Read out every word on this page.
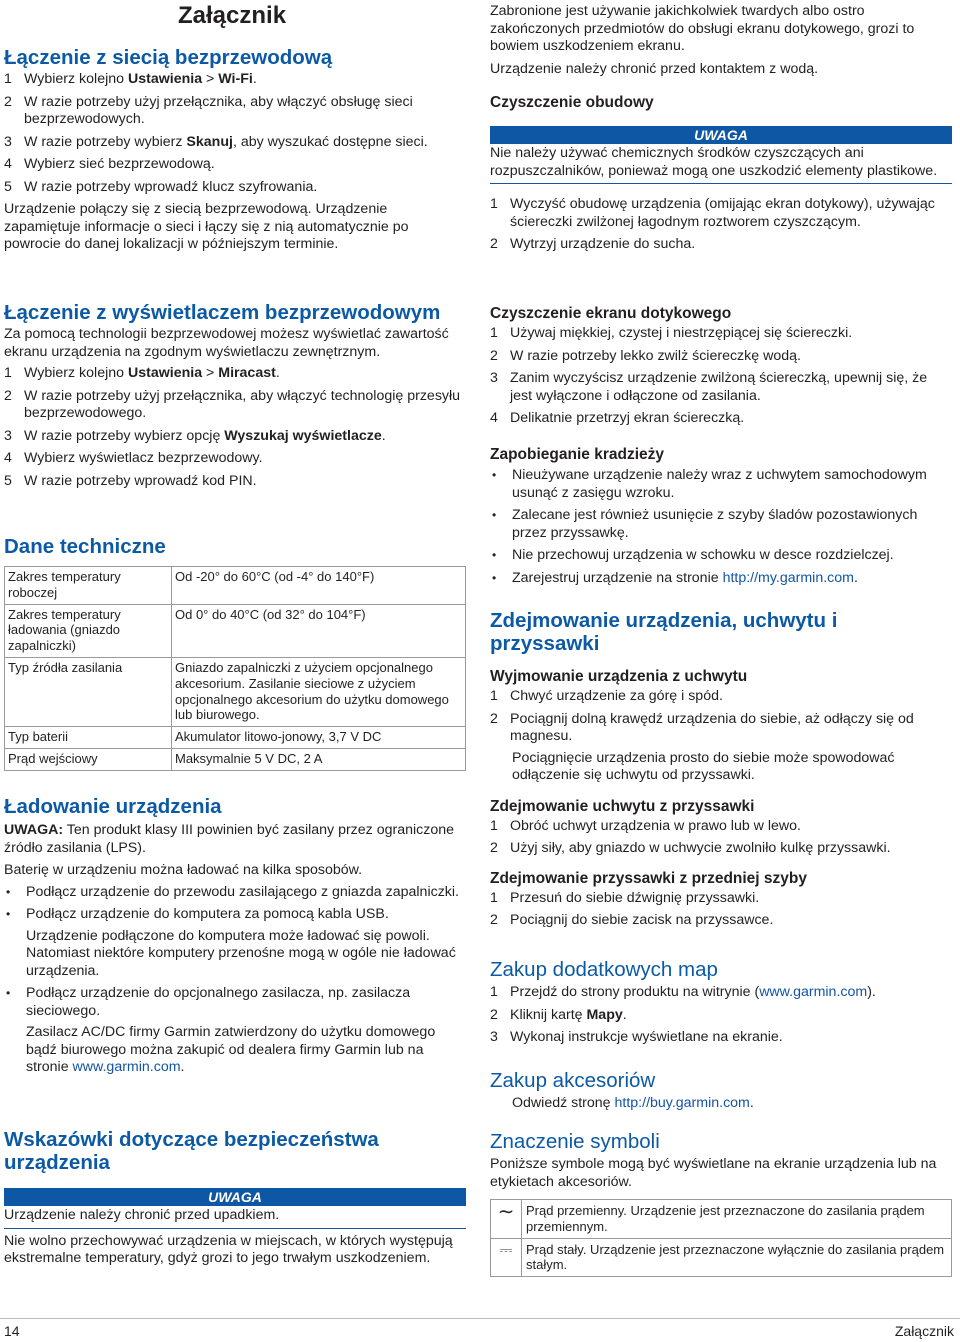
Załącznik
Łączenie z siecią bezprzewodową
1 Wybierz kolejno Ustawienia > Wi-Fi.
2 W razie potrzeby użyj przełącznika, aby włączyć obsługę sieci bezprzewodowych.
3 W razie potrzeby wybierz Skanuj, aby wyszukać dostępne sieci.
4 Wybierz sieć bezprzewodową.
5 W razie potrzeby wprowadź klucz szyfrowania.

Urządzenie połączy się z siecią bezprzewodową. Urządzenie zapamiętuje informacje o sieci i łączy się z nią automatycznie po powrocie do danej lokalizacji w późniejszym terminie.

Łączenie z wyświetlaczem bezprzewodowym

Za pomocą technologii bezprzewodowej możesz wyświetlać zawartość ekranu urządzenia na zgodnym wyświetlaczu zewnętrznym.

1 Wybierz kolejno Ustawienia > Miracast.
2 W razie potrzeby użyj przełącznika, aby włączyć technologię przesyłu bezprzewodowego.
3 W razie potrzeby wybierz opcję Wyszukaj wyświetlacze.
4 Wybierz wyświetlacz bezprzewodowy.
5 W razie potrzeby wprowadź kod PIN.
Dane techniczne
Zakres temperatury roboczej	Od -20° do 60°C (od -4° do 140°F)
Zakres temperatury ładowania (gniazdo zapalniczki)	Od 0° do 40°C (od 32° do 104°F)
Typ źródła zasilania	Gniazdo zapalniczki z użyciem opcjonalnego akcesorium. Zasilanie sieciowe z użyciem opcjonalnego akcesorium do użytku domowego lub biurowego.
Typ baterii	Akumulator litowo-jonowy, 3,7 V DC
Prąd wejściowy	Maksymalnie 5 V DC, 2 A
Ładowanie urządzenia

UWAGA: Ten produkt klasy III powinien być zasilany przez ograniczone źródło zasilania (LPS).

Baterię w urządzeniu można ładować na kilka sposobów.

•	Podłącz urządzenie do przewodu zasilającego z gniazda zapalniczki.
•	Podłącz urządzenie do komputera za pomocą kabla USB.

Urządzenie podłączone do komputera może ładować się powoli. Natomiast niektóre komputery przenośne mogą w ogóle nie ładować urządzenia.

•	Podłącz urządzenie do opcjonalnego zasilacza, np. zasilacza sieciowego.

Zasilacz AC/DC firmy Garmin zatwierdzony do użytku domowego bądź biurowego można zakupić od dealera firmy Garmin lub na stronie www.garmin.com.

Wskazówki dotyczące bezpieczeństwa urządzenia
UWAGA

Urządzenie należy chronić przed upadkiem.

Nie wolno przechowywać urządzenia w miejscach, w których występują ekstremalne temperatury, gdyż grozi to jego trwałym uszkodzeniem.

Zabronione jest używanie jakichkolwiek twardych albo ostro zakończonych przedmiotów do obsługi ekranu dotykowego, grozi to bowiem uszkodzeniem ekranu.

Urządzenie należy chronić przed kontaktem z wodą.

Czyszczenie obudowy
UWAGA

Nie należy używać chemicznych środków czyszczących ani rozpuszczalników, ponieważ mogą one uszkodzić elementy plastikowe.

1 Wyczyść obudowę urządzenia (omijając ekran dotykowy), używając ściereczki zwilżonej łagodnym roztworem czyszczącym.
2 Wytrzyj urządzenie do sucha.
Czyszczenie ekranu dotykowego
1 Używaj miękkiej, czystej i niestrzępiącej się ściereczki.
2 W razie potrzeby lekko zwilż ściereczkę wodą.
3 Zanim wyczyścisz urządzenie zwilżoną ściereczką, upewnij się, że jest wyłączone i odłączone od zasilania.
4 Delikatnie przetrzyj ekran ściereczką.
Zapobieganie kradzieży
•	Nieużywane urządzenie należy wraz z uchwytem samochodowym usunąć z zasięgu wzroku.
•	Zalecane jest również usunięcie z szyby śladów pozostawionych przez przyssawkę.
•	Nie przechowuj urządzenia w schowku w desce rozdzielczej.
•	Zarejestruj urządzenie na stronie http://my.garmin.com.
Zdejmowanie urządzenia, uchwytu i przyssawki
Wyjmowanie urządzenia z uchwytu
1 Chwyć urządzenie za górę i spód.
2 Pociągnij dolną krawędź urządzenia do siebie, aż odłączy się od magnesu.

Pociągnięcie urządzenia prosto do siebie może spowodować odłączenie się uchwytu od przyssawki.

Zdejmowanie uchwytu z przyssawki
1 Obróć uchwyt urządzenia w prawo lub w lewo.
2 Użyj siły, aby gniazdo w uchwycie zwolniło kulkę przyssawki.
Zdejmowanie przyssawki z przedniej szyby
1 Przesuń do siebie dźwignię przyssawki.
2 Pociągnij do siebie zacisk na przyssawce.
Zakup dodatkowych map
1 Przejdź do strony produktu na witrynie (www.garmin.com).
2 Kliknij kartę Mapy.
3 Wykonaj instrukcje wyświetlane na ekranie.
Zakup akcesoriów

Odwiedź stronę http://buy.garmin.com.

Znaczenie symboli

Poniższe symbole mogą być wyświetlane na ekranie urządzenia lub na etykietach akcesoriów.

∼	Prąd przemienny. Urządzenie jest przeznaczone do zasilania prądem przemiennym.
⎓	Prąd stały. Urządzenie jest przeznaczone wyłącznie do zasilania prądem stałym.
14	Załącznik
